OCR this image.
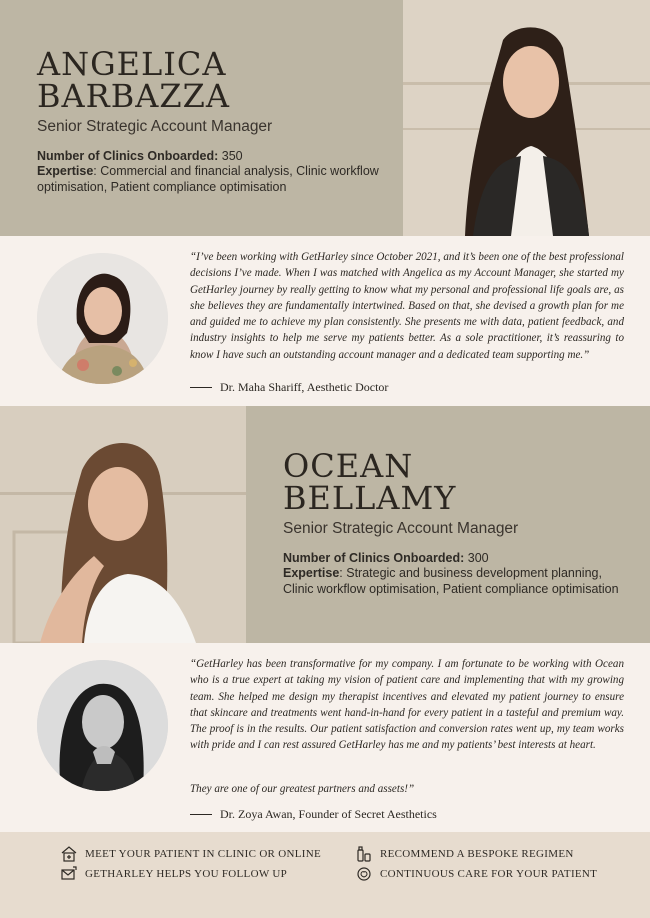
ANGELICA
BARBAZZA
Senior Strategic Account Manager
Number of Clinics Onboarded: 350
Expertise: Commercial and financial analysis, Clinic workflow optimisation, Patient compliance optimisation
“I’ve been working with GetHarley since October 2021, and it’s been one of the best professional decisions I’ve made. When I was matched with Angelica as my Account Manager, she started my GetHarley journey by really getting to know what my personal and professional life goals are, as she believes they are fundamentally intertwined. Based on that, she devised a growth plan for me and guided me to achieve my plan consistently. She presents me with data, patient feedback, and industry insights to help me serve my patients better. As a sole practitioner, it’s reassuring to know I have such an outstanding account manager and a dedicated team supporting me.”
Dr. Maha Shariff, Aesthetic Doctor
OCEAN
BELLAMY
Senior Strategic Account Manager
Number of Clinics Onboarded: 300
Expertise: Strategic and business development planning, Clinic workflow optimisation, Patient compliance optimisation
“GetHarley has been transformative for my company. I am fortunate to be working with Ocean who is a true expert at taking my vision of patient care and implementing that with my growing team. She helped me design my therapist incentives and elevated my patient journey to ensure that skincare and treatments went hand-in-hand for every patient in a tasteful and premium way. The proof is in the results. Our patient satisfaction and conversion rates went up, my team works with pride and I can rest assured GetHarley has me and my patients’ best interests at heart.
They are one of our greatest partners and assets!”
Dr. Zoya Awan, Founder of Secret Aesthetics
MEET YOUR PATIENT IN CLINIC OR ONLINE	RECOMMEND A BESPOKE REGIMEN
GETHARLEY HELPS YOU FOLLOW UP	CONTINUOUS CARE FOR YOUR PATIENT
